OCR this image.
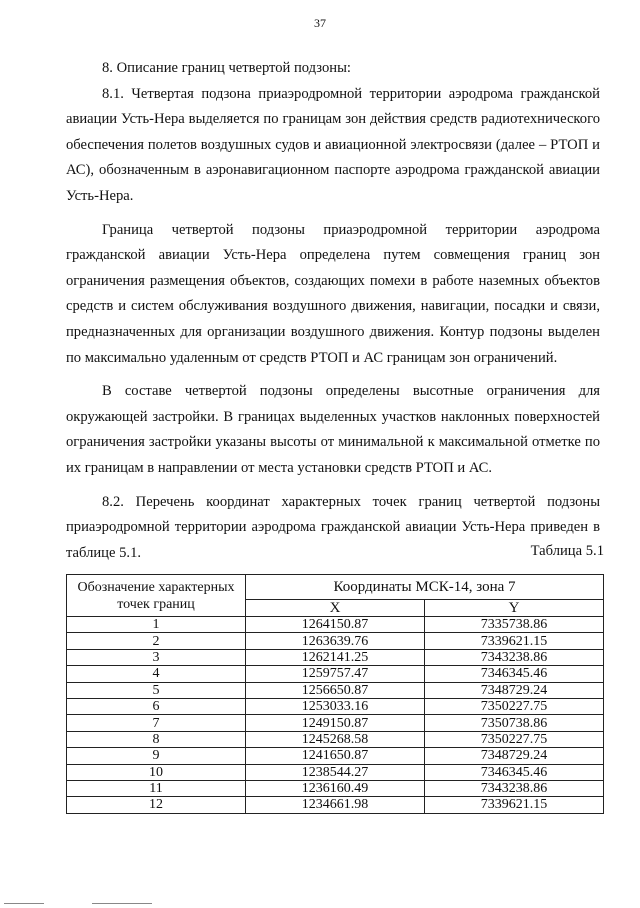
37

8. Описание границ четвертой подзоны:

8.1. Четвертая подзона приаэродромной территории аэродрома гражданской авиации Усть-Нера выделяется по границам зон действия средств радиотехнического обеспечения полетов воздушных судов и авиационной электросвязи (далее – РТОП и АС), обозначенным в аэронавигационном паспорте аэродрома гражданской авиации Усть-Нера.

Граница четвертой подзоны приаэродромной территории аэродрома гражданской авиации Усть-Нера определена путем совмещения границ зон ограничения размещения объектов, создающих помехи в работе наземных объектов средств и систем обслуживания воздушного движения, навигации, посадки и связи, предназначенных для организации воздушного движения. Контур подзоны выделен по максимально удаленным от средств РТОП и АС границам зон ограничений.

В составе четвертой подзоны определены высотные ограничения для окружающей застройки. В границах выделенных участков наклонных поверхностей ограничения застройки указаны высоты от минимальной к максимальной отметке по их границам в направлении от места установки средств РТОП и АС.

8.2. Перечень координат характерных точек границ четвертой подзоны приаэродромной территории аэродрома гражданской авиации Усть-Нера приведен в таблице 5.1.	Таблица 5.1
Обозначение характерных точек границ	Координаты МСК-14, зона 7	
	X	Y
1	1264150.87	7335738.86
2	1263639.76	7339621.15
3	1262141.25	7343238.86
4	1259757.47	7346345.46
5	1256650.87	7348729.24
6	1253033.16	7350227.75
7	1249150.87	7350738.86
8	1245268.58	7350227.75
9	1241650.87	7348729.24
10	1238544.27	7346345.46
11	1236160.49	7343238.86
12	1234661.98	7339621.15
